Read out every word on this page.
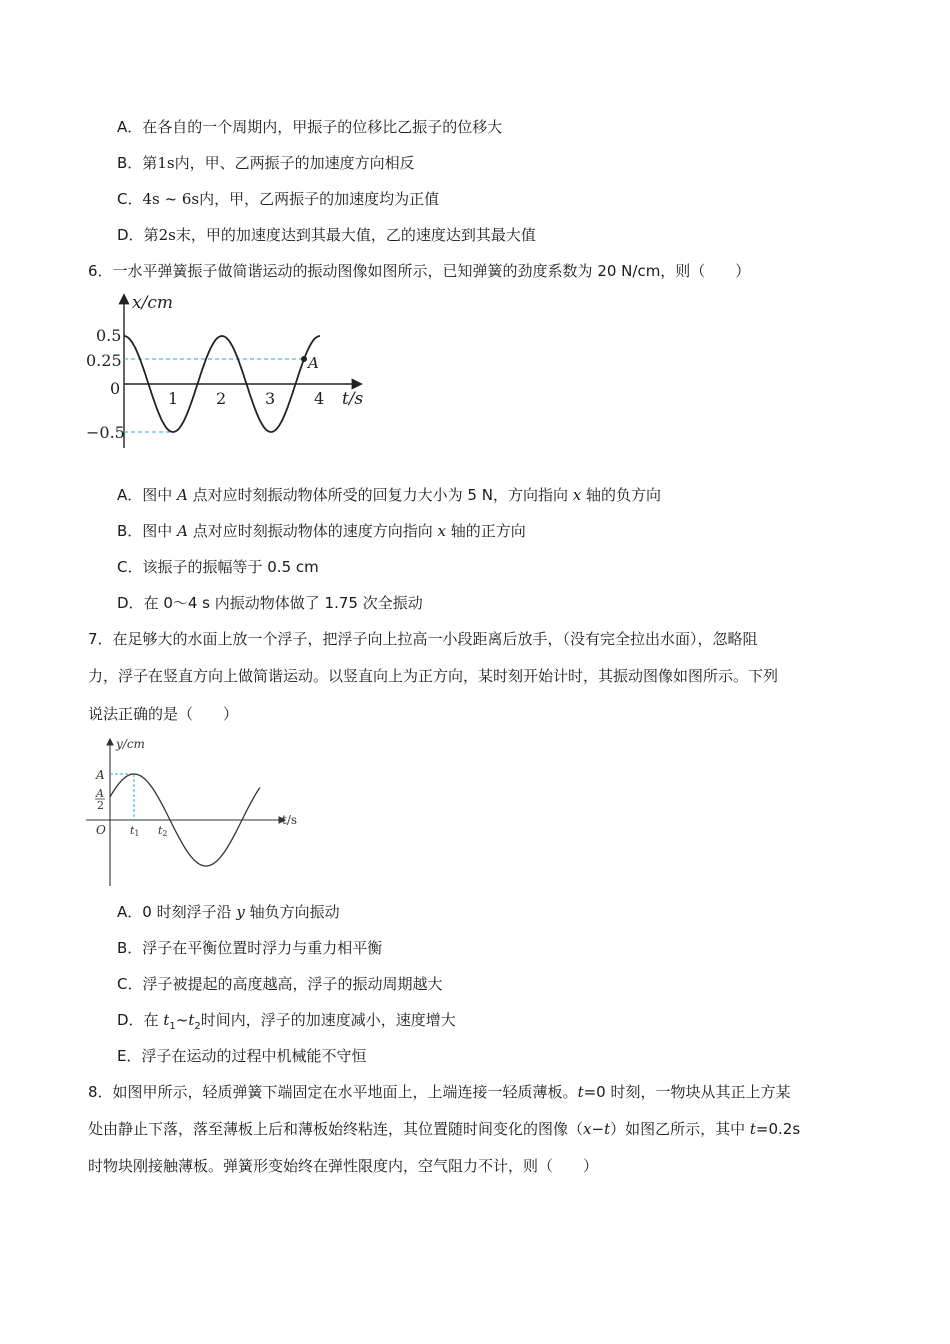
A．在各自的一个周期内，甲振子的位移比乙振子的位移大
B．第1s内，甲、乙两振子的加速度方向相反
C．4s ~ 6s内，甲，乙两振子的加速度均为正值
D．第2s末，甲的加速度达到其最大值，乙的速度达到其最大值
6．一水平弹簧振子做简谐运动的振动图像如图所示，已知弹簧的劲度系数为 20 N/cm，则（　　）
A
0.5
0.25
0
−0.5
1 2 3 4
x/cm
t/s
A．图中 A 点对应时刻振动物体所受的回复力大小为 5 N，方向指向 x 轴的负方向
B．图中 A 点对应时刻振动物体的速度方向指向 x 轴的正方向
C．该振子的振幅等于 0.5 cm
D．在 0～4 s 内振动物体做了 1.75 次全振动
7．在足够大的水面上放一个浮子，把浮子向上拉高一小段距离后放手，（没有完全拉出水面），忽略阻
力，浮子在竖直方向上做简谐运动。以竖直向上为正方向，某时刻开始计时，其振动图像如图所示。下列
说法正确的是（　　）
y/cm
t/s
A
A
2
O t1 t2
A．0 时刻浮子沿 y 轴负方向振动
B．浮子在平衡位置时浮力与重力相平衡
C．浮子被提起的高度越高，浮子的振动周期越大
D．在 $t_1\sim t_2$时间内，浮子的加速度减小，速度增大
E．浮子在运动的过程中机械能不守恒
8．如图甲所示，轻质弹簧下端固定在水平地面上，上端连接一轻质薄板。t=0 时刻，一物块从其正上方某
处由静止下落，落至薄板上后和薄板始终粘连，其位置随时间变化的图像（x−t）如图乙所示，其中 t=0.2s
时物块刚接触薄板。弹簧形变始终在弹性限度内，空气阻力不计，则（　　）
